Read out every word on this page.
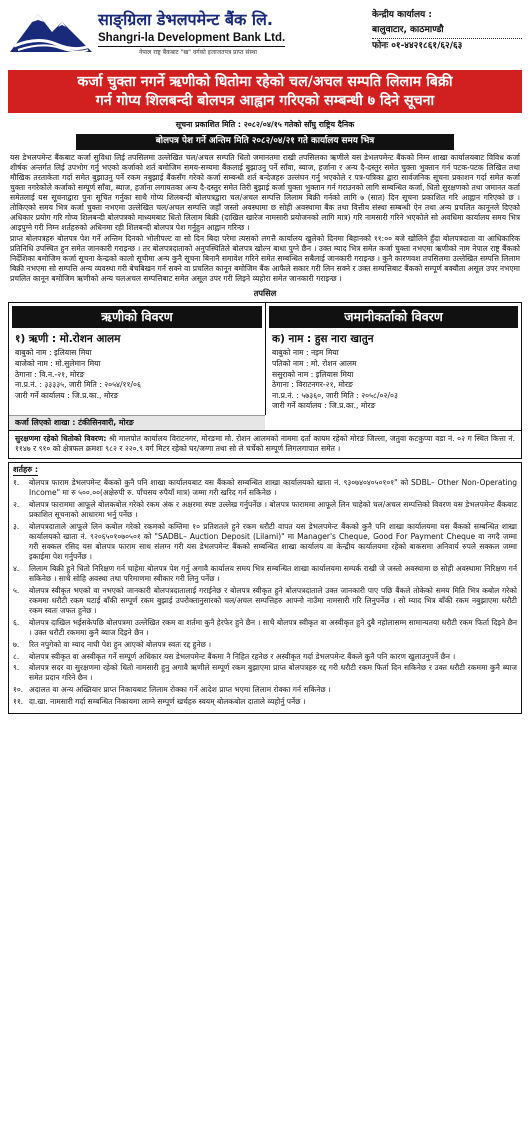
साङ्ग्रिला डेभलपमेन्ट बैंक लि.
Shangri-la Development Bank Ltd.
नेपाल राष्ट्र बैंकबाट "ख" वर्गको इजाजतपत्र प्राप्त संस्था
केन्द्रीय कार्यालय :
बालुवाटार, काठमाण्डौ
फोनः ०१-४४२१८६१/६२/६३
कर्जा चुक्ता नगर्ने ऋणीको धितोमा रहेको चल/अचल सम्पति लिलाम बिक्री
गर्न गोप्य शिलबन्दी बोलपत्र आह्वान गरिएको सम्बन्धी ७ दिने सूचना
सूचना प्रकाशित मिति : २०८२/०४/१५ गतेको साँघु राष्ट्रिय दैनिक
बोलपत्र पेश गर्ने अन्तिम मिति २०८२/०४/२१ गते कार्यालय समय भित्र

यस डेभलपमेन्ट बैंकबाट कर्जा सुविधा लिई तपसिलमा उल्लेखित चल/अचल सम्पति धितो जमानतमा राखी तपसिलका ऋणीले यस डेभलपमेन्ट बैंकको निम्न शाखा कार्यालयबाट विविध कर्जा शीर्षक अन्तर्गत लिई उपभोग गर्नु भएको कर्जाको शर्त बमोजिम समय-सम्यमा बैंकलाई बुझाउनु पर्ने साँवा, ब्याज, हर्जाना र अन्य दै-दस्तुर समेत चुक्ता भुक्तान गर्न पटक-पटक लिखित तथा मौखिक तरताकेता गर्दा समेत बुझाउनु पर्ने रकम नबुझाई बैंकसँग गरेको कर्जा सम्बन्धी शर्त बन्देजहरु उल्लंघन गर्नु भएकोले र पत्र-पत्रिका द्वारा सार्वजनिक सूचना प्रकाशन गर्दा समेत कर्जा चुक्ता नगरेकोले कर्जाको सम्पूर्ण साँवा, ब्याज, हर्जाना लगायतका अन्य दै-दस्तुर समेत तिरी बुझाई कर्जा चुक्ता भुक्तान गर्न गराउनको लागि सम्बन्धित कर्जा, धितो सुरक्षणको तथा जमानत कर्ता समेतलाई यस सूचनाद्वारा पुनः सूचित गर्नुका साथै गोप्य शिलबन्दी बोलपत्रद्वारा चल/अचल सम्पत्ति लिलाम बिक्री गर्नको लागि ७ (सात) दिन सूचना प्रकाशित गरि आह्वान गरिएको छ । तोकिएको समय भित्र कर्जा चुक्ता नभएमा उल्लेखित चल/अचल सम्पत्ति जहाँ जस्तो अवस्थामा छ सोही अवस्थामा बैंक तथा वित्तीय संस्था सम्बन्धी ऐन तथा अन्य प्रचलित कानूनले दिएको अधिकार प्रयोग गरि गोप्य शिलबन्दी बोलपत्रको माध्यमबाट धितो लिलाम बिक्री (दाखिल खारेज नामसारी प्रयोजनको लागि मात्र) गरि नामसारी गरिने भएकोले सो अवधिमा कार्यालय समय भित्र आइपुग्ने गरी निम्न शर्तहरुको अधिनमा रही शिलबन्दी बोलपत्र पेश गर्नुहुन आह्वान गरिन्छ ।

प्राप्त बोलपत्रहरु बोलपत्र पेश गर्ने अन्तिम दिनको भोलीपल्ट वा सो दिन बिदा परेमा त्यसको लगत्तै कार्यालय खुलेको दिनमा बिहानको ११:०० बजे खोलिने हुँदा बोलपत्रदाता वा आधिकारिक प्रतिनिधि उपस्थित हुन समेत जानकारी गराइन्छ । तर बोलपत्रदाताको अनुपस्थितिले बोलपत्र खोल्न बाधा पुग्ने छैन । उक्त म्याद भित्र समेत कर्जा चुक्ता नभएमा ऋणीको नाम नेपाल राष्ट्र बैंकको निर्देशिका बमोजिम कर्जा सूचना केन्द्रको कालो सूचीमा अन्य कुनै सूचना बिनानै समावेश गरिने समेत सम्बन्धित सबैलाई जानकारी गराइन्छ । कुनै कारणवश तपसिलमा उल्लेखित सम्पत्ति लिलाम बिक्री नभएमा सो सम्पत्ति अन्य व्यवस्था गरी बेचबिखन गर्न सक्ने वा प्रचलित कानून बमोजिम बैंक आफैले सकार गरी लिन सक्ने र उक्त सम्पत्तिबाट बैंकको सम्पूर्ण बक्यौता असूल उपर नभएमा प्रचलित कानून बमोजिम ऋणीको अन्य चलअचल सम्पत्तिबाट समेत असूल उपर गरी लिइने व्यहोरा समेत जानकारी गराइन्छ ।

तपसिल
ऋणीको विवरण
१) ऋणी : मो.रोशन आलम
बाबुको नाम : इलियास मिया
बाजेको नाम : मो.सुलेमान मिया
ठेगाना : वि.न.-२१, मोरङ
ना.प्र.नं. : ३३३३५, जारी मिति : २०५४/११/०६
जारी गर्ने कार्यालय : जि.प्र.का., मोरङ
जमानीकर्ताको विवरण
क) नाम : हुस नारा खातुन
बाबुको नाम : नइम मिया
पतिको नाम : मो. रोशन आलम
ससुराको नाम : इलियास मिया
ठेगाना : विराटनगर-२१, मोरङ
ना.प्र.नं. : ५७३६०, जारी मिति : २०५८/०२/०३
जारी गर्ने कार्यालय : जि.प्र.का., मोरङ
कर्जा लिएको शाखा : टंकीसिनवारी, मोरङ
सुरक्षणमा रहेको धितोको विवरण: श्री मालपोत कार्यालय विराटनगर, मोरङमा मो. रोशन आलमको नाममा दर्ता कायम रहेको मोरङ जिल्ला, जतुवा कटकुप्पा वडा नं. ०२ ग स्थित कित्ता नं. ११४७ र ९१० को क्षेत्रफल क्रमशः ९८२ र २२०.९ वर्ग मिटर रहेको घर/जग्गा तथा सो ले चर्चेको सम्पूर्ण लिगलगापात समेत ।
शर्तहरु :
१.	बोलपत्र फाराम डेभलपमेन्ट बैंकको कुनै पनि शाखा कार्यालयबाट यस बैंकको सम्बन्धित शाखा कार्यालयको खाता नं. ९३०७४०४०५०१०१" को SDBL– Other Non-Operating Income" मा रु ५००.००(अक्षेरुपी रु. पाँचसय रुपैयाँ मात्र) जम्मा गरी खरिद गर्न सकिनेछ ।
२.	बोलपत्र फाराममा आफूले बोलकबोल गरेको रकम अंक र अक्षरमा स्पष्ट उल्लेख गर्नुपर्नेछ । बोलपत्र फाराममा आफूले लिन चाहेको चल/अचल सम्पत्तिको विवरण यस डेभलपमेन्ट बैंकबाट प्रकाशित सूचनाको आधारमा भर्नु पर्नेछ ।
३.	बोलपत्रदाताले आफूले लिन कबोल गरेको रकमको कम्तिमा १० प्रतिशतले हुने रकम धरौटी वापत यस डेभलपमेन्ट बैंकको कुनै पनि शाखा कार्यालयमा यस बैंकको सम्बन्धित शाखा कार्यालयको खाता नं. ९२०६५०१०७०५०१ को "SADBL– Auction Deposit (Lilami)" मा Manager's Cheque, Good For Payment Cheque वा नगदै जम्मा गरी सक्कल रसिद यस बोलपत्र फाराम साथ संलग्न गरी यस डेभलपमेन्ट बैंकको सम्बन्धित शाखा कार्यालय वा केन्द्रीय कार्यालयमा रहेको बाकसमा अनिवार्य रुपले सक्कल जम्मा इकाईमा पेश गर्नुपर्नेछ ।
४.	लिलाम बिक्री हुने धितो निरिक्षण गर्न चाहेमा बोलपत्र पेश गर्नु अगावै कार्यालय समय भित्र सम्बन्धित शाखा कार्यालयमा सम्पर्क राखी जे जस्तो अवस्थामा छ सोही अवस्थामा निरिक्षण गर्न सकिनेछ । साथै सोहि अवस्था तथा परिमाणमा स्वीकार गरी लिनु पर्नेछ ।
५.	बोलपत्र स्वीकृत भएको वा नभएको जानकारी बोलपत्रदातालाई गराईनेछ र बोलपत्र स्वीकृत हुने बोलपत्रदाताले उक्त जानकारी पाए पछि बैंकले तोकेको समय मिति भित्र कबोल गरेको रकममा धरौटी रकम घटाई बाँकी सम्पूर्ण रकम बुझाई उपरोक्तानुसारको चल/अचल सम्पत्तिहरु आफ्नो नाउँमा नामसारी गरि लिनुपर्नेछ । सो म्याद भित्र बाँकी रकम नबुझाएमा धरौटी रकम स्वतः जफत हुनेछ ।
६.	बोलपत्र दाखिल भईसकेपछि बोलपत्रमा उल्लेखित रकम वा शर्तमा कुनै हेरफेर हुने छैन । साथै बोलपत्र स्वीकृत वा अस्वीकृत हुने दुबै नहोलासम्म सामान्यतया धरौटी रकम फिर्ता दिइने छैन । उक्त धरौटी रकममा कुनै ब्याज दिइने छैन ।
७.	रित नपुगेको वा म्याद नाघी पेश हुन आएको बोलपत्र स्वतः रद्द हुनेछ ।
८.	बोलपत्र स्वीकृत वा अस्वीकृत गर्ने सम्पूर्ण अधिकार यस डेभलपमेन्ट बैंकमा नै निहित रहनेछ र अस्वीकृत गर्दा डेभलपमेन्ट बैंकले कुनै पनि कारण खुलाउनुपर्ने छैन ।
९.	बोलपत्र सदर वा सुरक्षणमा रहेको धितो नामसारी हुनु अगावै ऋणीले सम्पूर्ण रकम बुझाएमा प्राप्त बोलपत्रहरु रद्द गरी धरौटी रकम फिर्ता दिन सकिनेछ र उक्त धरौटी रकममा कुनै ब्याज समेत प्रदान गरिने छैन ।
१०. अदालत वा अन्य अख्तियार प्राप्त निकायबाट लिलाम रोक्का गर्ने आदेश प्राप्त भएमा लिलाम रोक्का गर्न सकिनेछ ।
११. दा.खा. नामसारी गर्दा सम्बन्धित निकायमा लाग्ने सम्पूर्ण खर्चहरु स्वयम् बोलकबोल दाताले व्यहोर्नु पर्नेछ ।
